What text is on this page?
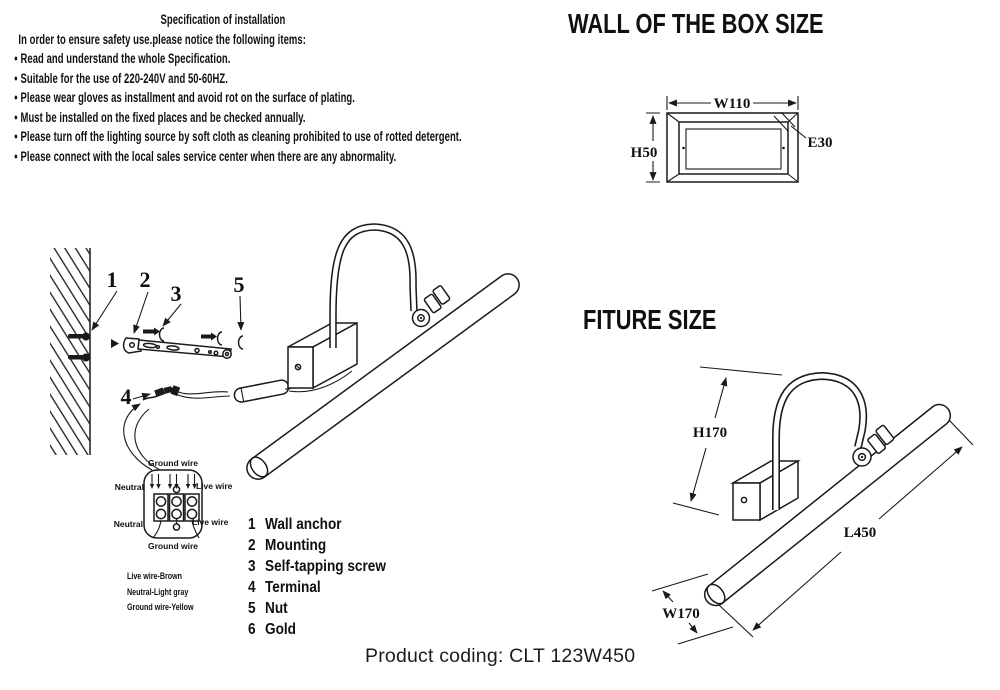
Specification of installation
In order to ensure safety use.please notice the following items:
• Read and understand the whole Specification.
• Suitable for the use of 220-240V and 50-60HZ.
• Please wear gloves as installment and avoid rot on the surface of plating.
• Must be installed on the fixed places and be checked annually.
• Please turn off the lighting source by soft cloth as cleaning prohibited to use of rotted detergent.
• Please connect with the local sales service center when there are any abnormality.
WALL OF THE BOX SIZE
FITURE SIZE
W110
H50
E30
1 2
3 5
4
Ground wire
Neutral	Live wire
Neutral	Live wire
Ground wire
H170
L450
W170
1 Wall anchor
2 Mounting
3 Self-tapping screw
4 Terminal
5 Nut
6 Gold
Live wire-Brown
Neutral-Light gray
Ground wire-Yellow
Product coding: CLT 123W450
